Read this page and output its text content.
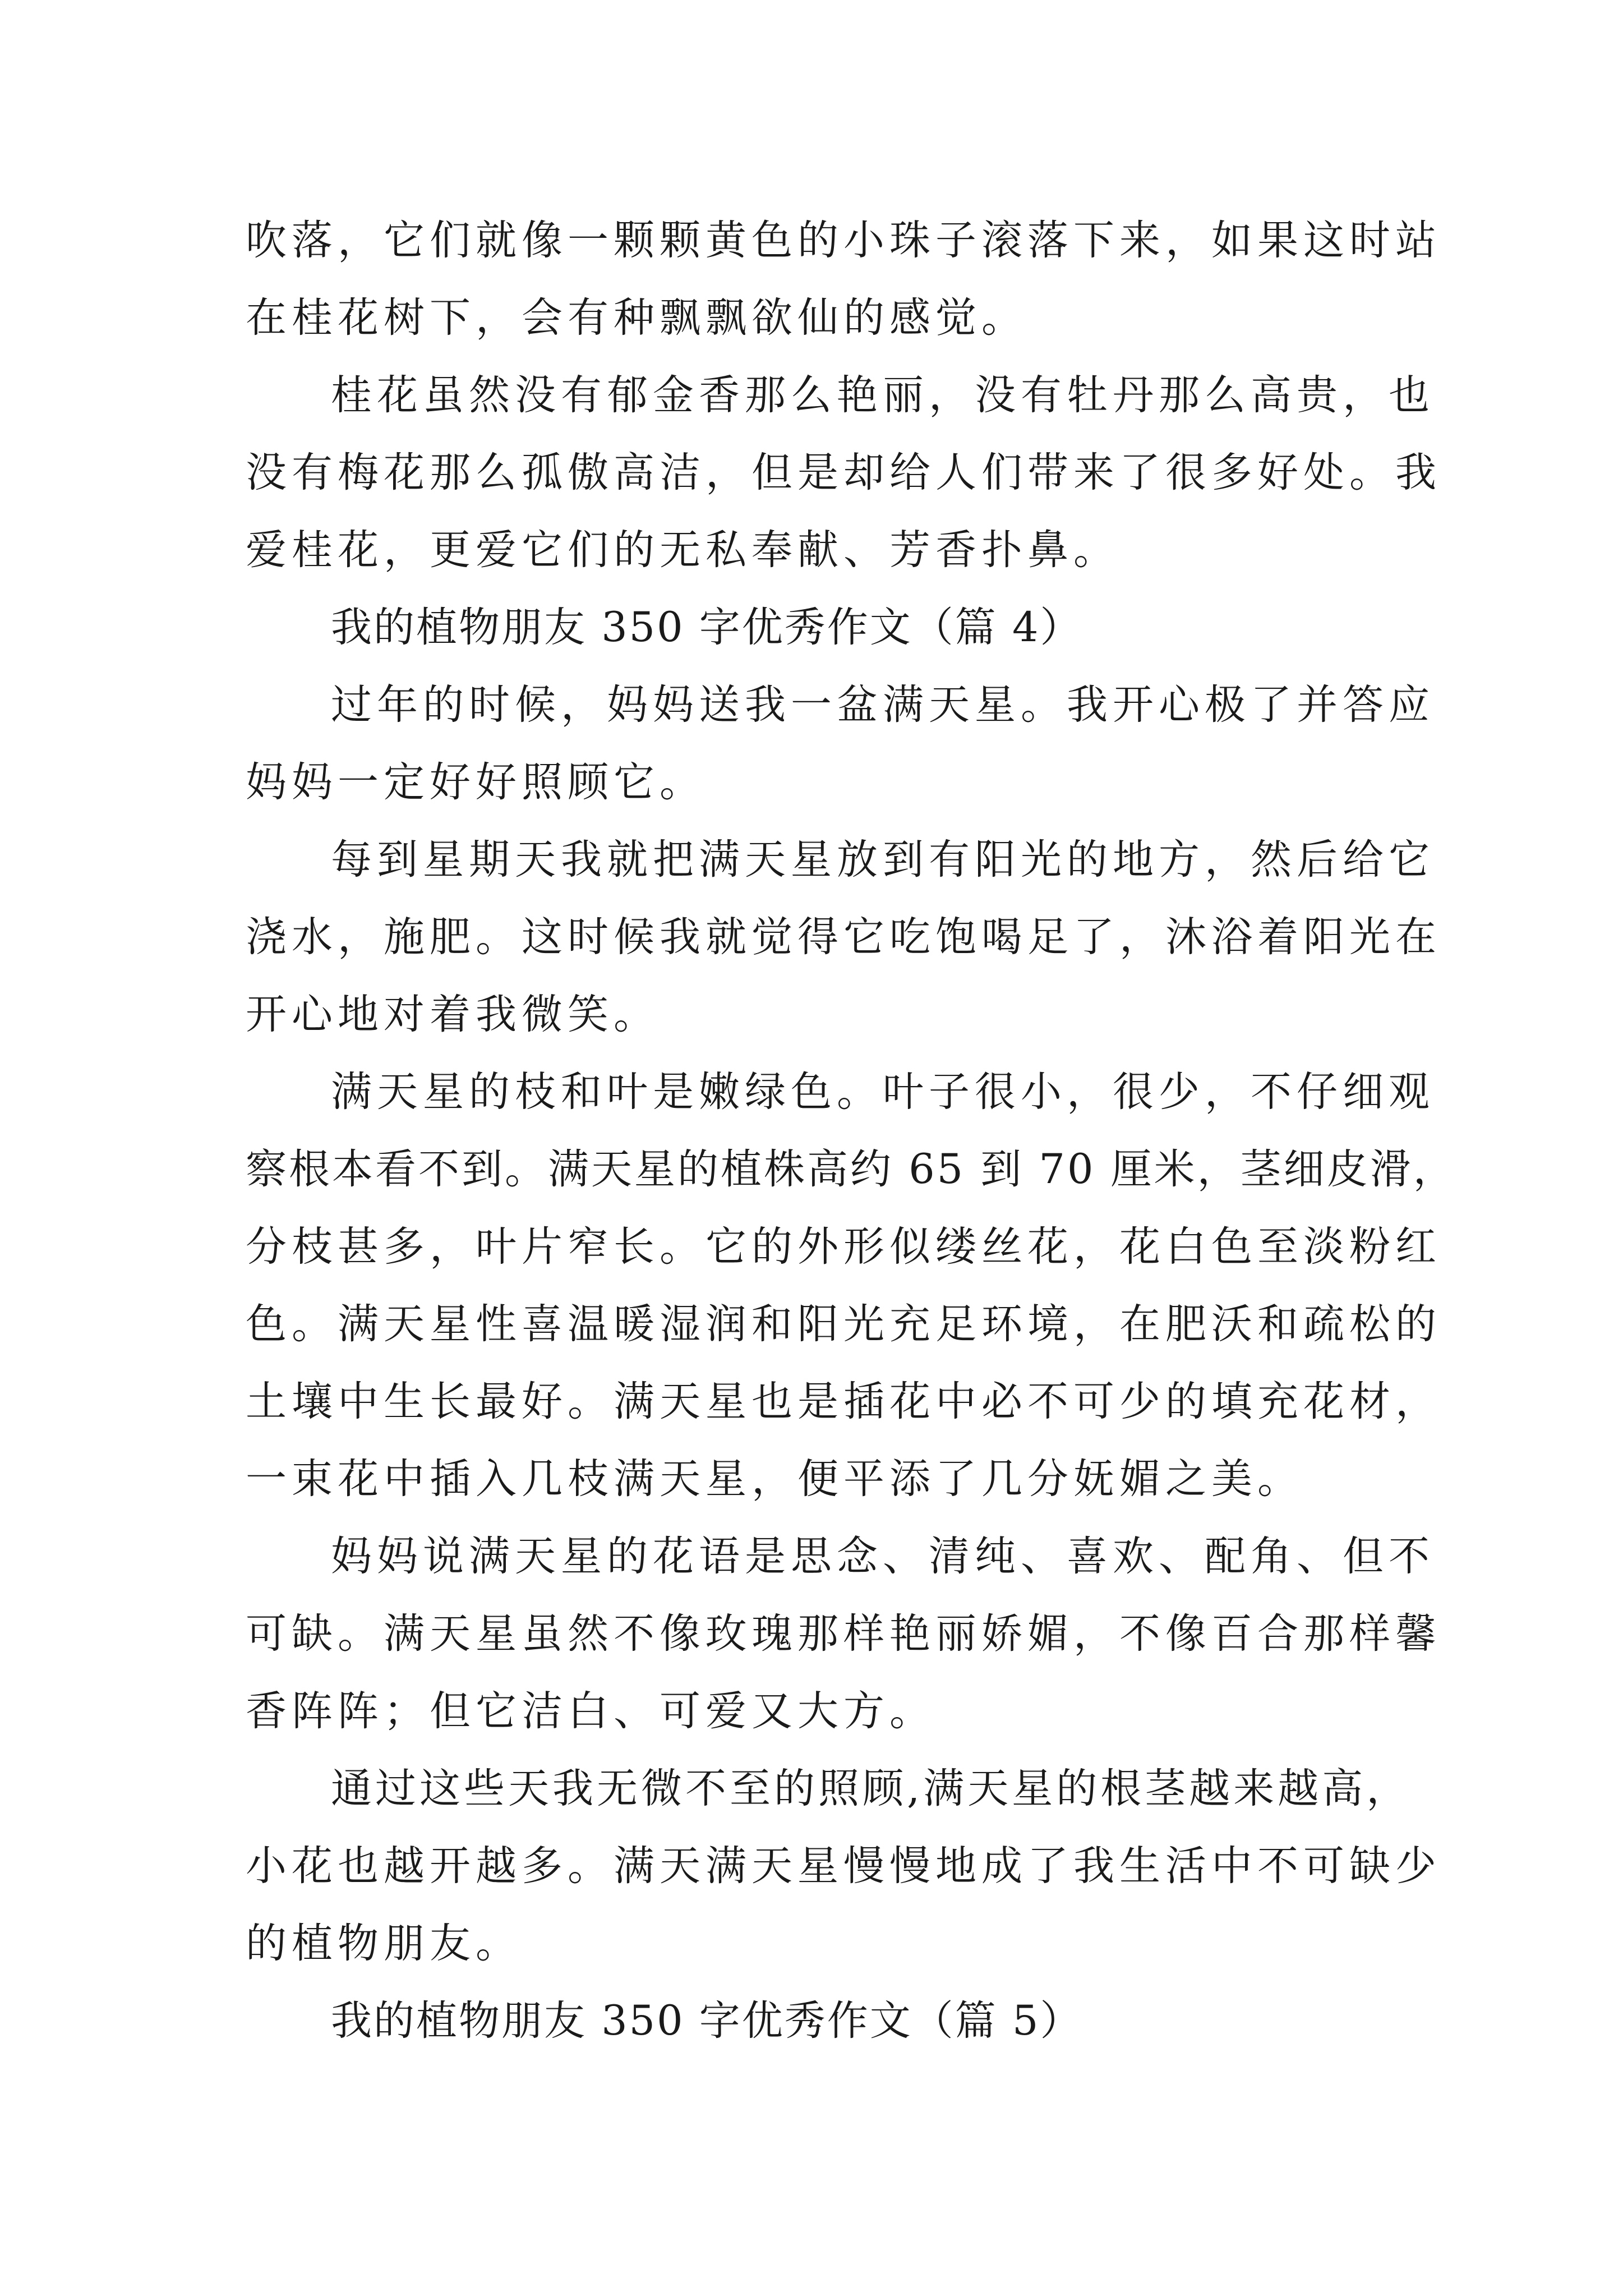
吹落，它们就像一颗颗黄色的小珠子滚落下来，如果这时站

在桂花树下，会有种飘飘欲仙的感觉。

桂花虽然没有郁金香那么艳丽，没有牡丹那么高贵，也

没有梅花那么孤傲高洁，但是却给人们带来了很多好处。我

爱桂花，更爱它们的无私奉献、芳香扑鼻。

我的植物朋友 350 字优秀作文（篇 4）

过年的时候，妈妈送我一盆满天星。我开心极了并答应

妈妈一定好好照顾它。

每到星期天我就把满天星放到有阳光的地方，然后给它

浇水，施肥。这时候我就觉得它吃饱喝足了，沐浴着阳光在

开心地对着我微笑。

满天星的枝和叶是嫩绿色。叶子很小，很少，不仔细观

察根本看不到。满天星的植株高约 65 到 70 厘米，茎细皮滑，

分枝甚多，叶片窄长。它的外形似缕丝花，花白色至淡粉红

色。满天星性喜温暖湿润和阳光充足环境，在肥沃和疏松的

土壤中生长最好。满天星也是插花中必不可少的填充花材，

一束花中插入几枝满天星，便平添了几分妩媚之美。

妈妈说满天星的花语是思念、清纯、喜欢、配角、但不

可缺。满天星虽然不像玫瑰那样艳丽娇媚，不像百合那样馨

香阵阵；但它洁白、可爱又大方。

通过这些天我无微不至的照顾,满天星的根茎越来越高，

小花也越开越多。满天满天星慢慢地成了我生活中不可缺少

的植物朋友。

我的植物朋友 350 字优秀作文（篇 5）
